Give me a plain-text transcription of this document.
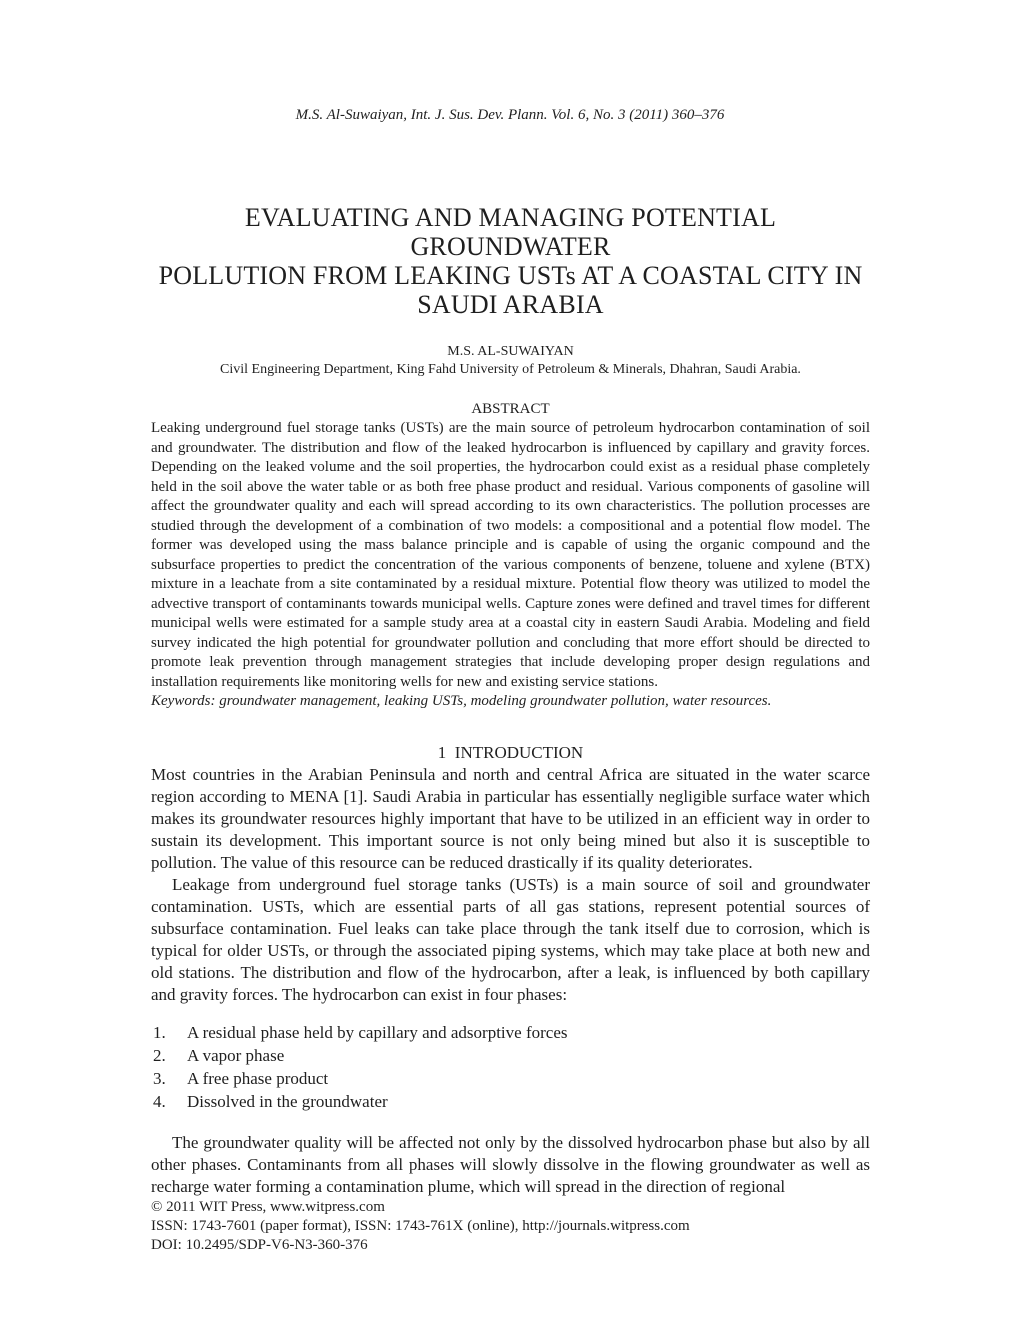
M.S. Al-Suwaiyan, Int. J. Sus. Dev. Plann. Vol. 6, No. 3 (2011) 360–376
EVALUATING AND MANAGING POTENTIAL GROUNDWATER
POLLUTION FROM LEAKING USTs AT A COASTAL CITY IN
SAUDI ARABIA
M.S. AL-SUWAIYAN
Civil Engineering Department, King Fahd University of Petroleum & Minerals, Dhahran, Saudi Arabia.
ABSTRACT
Leaking underground fuel storage tanks (USTs) are the main source of petroleum hydrocarbon contamination of soil and groundwater. The distribution and flow of the leaked hydrocarbon is influenced by capillary and gravity forces. Depending on the leaked volume and the soil properties, the hydrocarbon could exist as a residual phase completely held in the soil above the water table or as both free phase product and residual. Various components of gasoline will affect the groundwater quality and each will spread according to its own characteristics. The pollution processes are studied through the development of a combination of two models: a compositional and a potential flow model. The former was developed using the mass balance principle and is capable of using the organic compound and the subsurface properties to predict the concentration of the various components of benzene, toluene and xylene (BTX) mixture in a leachate from a site contaminated by a residual mixture. Potential flow theory was utilized to model the advective transport of contaminants towards municipal wells. Capture zones were defined and travel times for different municipal wells were estimated for a sample study area at a coastal city in eastern Saudi Arabia. Modeling and field survey indicated the high potential for groundwater pollution and concluding that more effort should be directed to promote leak prevention through management strategies that include developing proper design regulations and installation requirements like monitoring wells for new and existing service stations.
Keywords: groundwater management, leaking USTs, modeling groundwater pollution, water resources.
1  INTRODUCTION

Most countries in the Arabian Peninsula and north and central Africa are situated in the water scarce region according to MENA [1]. Saudi Arabia in particular has essentially negligible surface water which makes its groundwater resources highly important that have to be utilized in an efficient way in order to sustain its development. This important source is not only being mined but also it is susceptible to pollution. The value of this resource can be reduced drastically if its quality deteriorates.

Leakage from underground fuel storage tanks (USTs) is a main source of soil and groundwater contamination. USTs, which are essential parts of all gas stations, represent potential sources of subsurface contamination. Fuel leaks can take place through the tank itself due to corrosion, which is typical for older USTs, or through the associated piping systems, which may take place at both new and old stations. The distribution and flow of the hydrocarbon, after a leak, is influenced by both capillary and gravity forces. The hydrocarbon can exist in four phases:

1.	A residual phase held by capillary and adsorptive forces
2.	A vapor phase
3.	A free phase product
4.	Dissolved in the groundwater

The groundwater quality will be affected not only by the dissolved hydrocarbon phase but also by all other phases. Contaminants from all phases will slowly dissolve in the flowing groundwater as well as recharge water forming a contamination plume, which will spread in the direction of regional

© 2011 WIT Press, www.witpress.com
ISSN: 1743-7601 (paper format), ISSN: 1743-761X (online), http://journals.witpress.com
DOI: 10.2495/SDP-V6-N3-360-376
